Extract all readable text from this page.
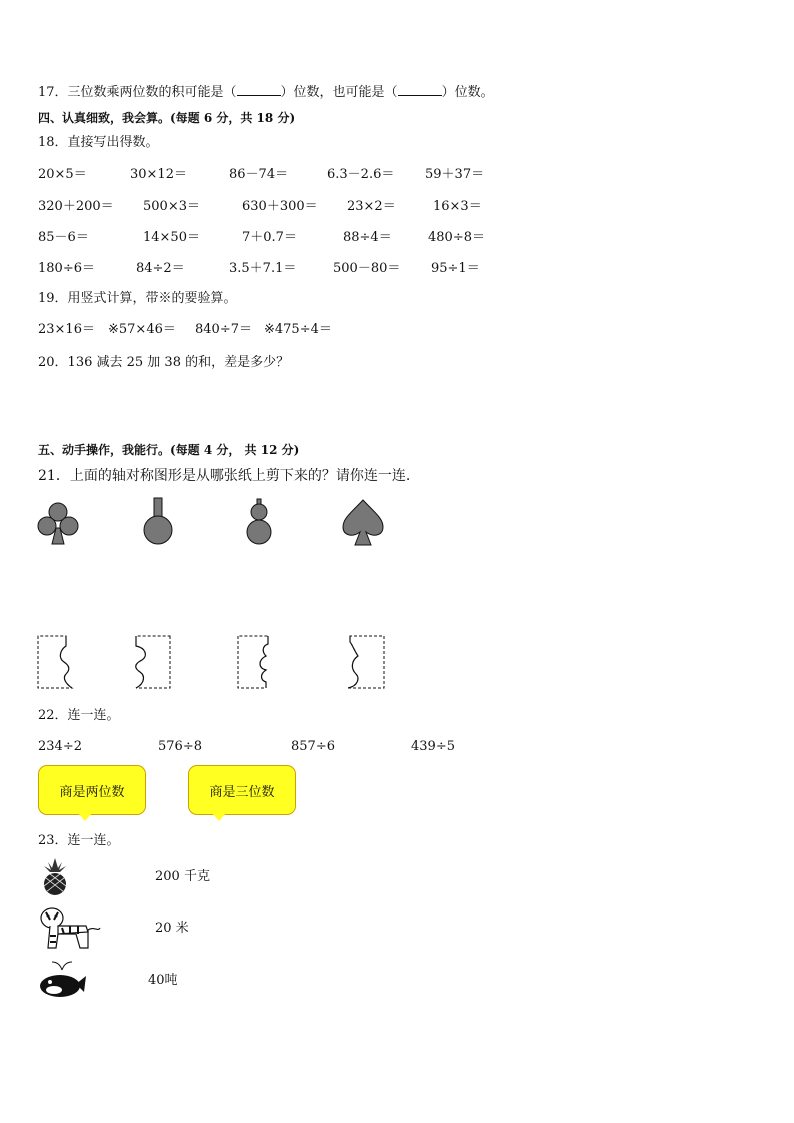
17．三位数乘两位数的积可能是（	）位数，也可能是（	）位数。
四、认真细致，我会算。(每题 6 分，共 18 分)
18．直接写出得数。
20×5＝	30×12＝	86－74＝	6.3－2.6＝ 59＋37＝
320＋200＝ 500×3＝	630＋300＝ 23×2＝	16×3＝
85－6＝	14×50＝	7＋0.7＝	88÷4＝	480÷8＝
180÷6＝	84÷2＝	3.5＋7.1＝	500－80＝ 95÷1＝
19．用竖式计算，带※的要验算。
23×16＝ ※57×46＝ 840÷7＝ ※475÷4＝
20．136 减去 25 加 38 的和，差是多少？
五、动手操作，我能行。(每题 4 分， 共 12 分)
21．上面的轴对称图形是从哪张纸上剪下来的？请你连一连.
22．连一连。
234÷2	576÷8	857÷6	439÷5
商是两位数	商是三位数
23．连一连。
200 千克
20 米
40吨
